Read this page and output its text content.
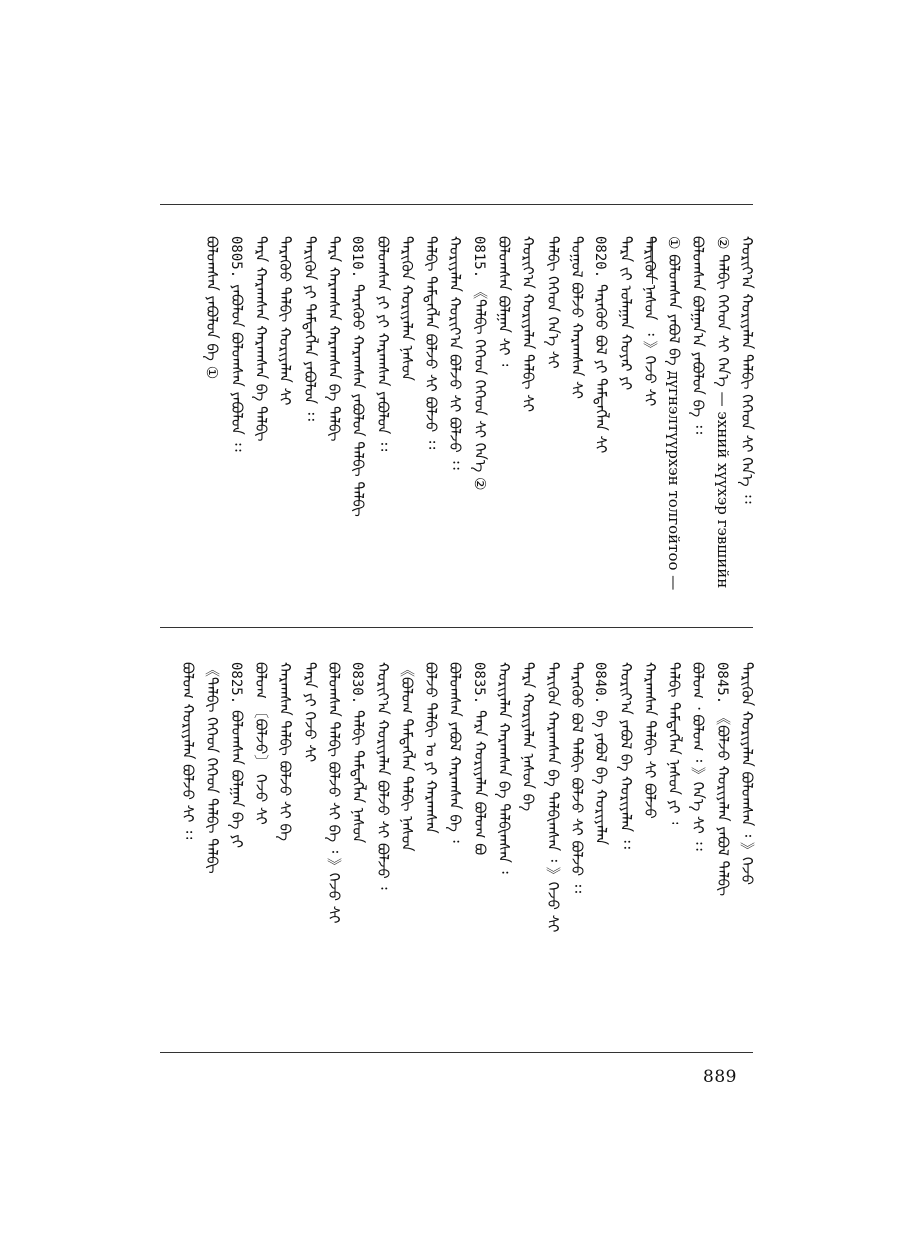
ᠬᠤᠷᠢᠶ᠎ᠠ ᠬᠤᠷᠢᠶᠠᠯᠠᠨ ᠲᠠᠯᠪᠢ ᠭᠡᠭᠡᠳ ᠰᠢ ᠭᠡᠨ᠎ᠡ ᠄᠄
② ᠲᠠᠯᠪᠢ ᠭᠡᠭᠡᠳ ᠰᠢ ᠭᠡᠨ᠎ᠡ — эхний хүүхэр гэвшийн
ᠪᠣᠯᠣᠭᠰᠠᠨ ᠪᠣᠯᠭᠠᠨ᠎ᠠ ᠶᠠᠪᠤᠯᠤᠨ ᠪᠠ ᠄᠄
① ᠪᠤᠯᠤᠭᠰᠠᠨ ᠶᠠᠪᠤᠯ ᠪᠠ дүгнэлтүүрхэн толгойтоо —
ᠲᠡᠷᠢᠭᠦᠨ ᠨᠠᠰᠤᠨ ᠎᠎ ᠄ 》ᠭᠡᠵᠦ ᠰᠢ
ᠲᠡᠷᠡ ᠵᠢ ᠤᠯᠠᠭᠠᠨ ᠬᠣᠶᠠᠷ ᠶᠢ
0820.ᠲᠡᠷᠡᠭᠦᠦ ᠪᠣᠯ ᠶᠢ ᠲᠡᠮᠳᠡᠭᠯᠡᠨ ᠰᠢ
ᠲᠣᠭᠣᠯ ᠪᠣᠯᠵᠤ ᠬᠠᠷᠠᠭᠰᠠᠨ ᠰᠢ
ᠲᠠᠯᠪᠢ ᠭᠡᠭᠡᠳ ᠭᠡᠨ᠎ᠡ ᠰᠢ
ᠬᠤᠷᠢᠶ᠎ᠠ ᠬᠤᠷᠢᠶᠠᠯᠠᠨ ᠲᠠᠯᠪᠢ ᠰᠢ
ᠪᠣᠯᠣᠭᠰᠠᠨ ᠪᠣᠯᠭᠠᠨ ᠰᠢ ᠄
0815.《ᠲᠠᠯᠪᠢ ᠭᠡᠭᠡᠳ ᠭᠡᠭᠡᠳ ᠰᠢ ᠭᠡᠨ᠎ᠡ ②
ᠬᠤᠷᠢᠶᠠᠯᠠᠨ ᠬᠤᠷᠢᠶ᠎ᠠ ᠪᠣᠯᠵᠤ ᠰᠢ ᠪᠣᠯᠵᠤ ᠄᠄
ᠲᠠᠯᠪᠢ ᠲᠡᠮᠳᠡᠭᠯᠡᠨ ᠪᠣᠯᠵᠤ ᠰᠢ ᠪᠣᠯᠵᠤ ᠄᠄
ᠲᠡᠷᠢᠭᠦᠨ ᠬᠤᠷᠢᠶᠠᠯᠠᠨ ᠨᠠᠰᠤᠨ
ᠪᠣᠯᠣᠭᠰᠠᠨ ᠶᠢ ᠶᠢ ᠬᠠᠷᠠᠭᠰᠠᠨ ᠶᠠᠪᠤᠯᠤᠨ ᠄᠄
0810.ᠲᠡᠷᠡᠭᠦᠦ ᠬᠠᠷᠠᠭᠰᠠᠨ ᠶᠠᠪᠤᠯᠤᠨ ᠲᠠᠯᠪᠢ ᠲᠠᠯᠪᠢ
ᠲᠡᠷᠡ ᠬᠠᠷᠠᠭᠰᠠᠨ ᠬᠠᠷᠠᠭᠰᠠᠨ ᠪᠠ ᠲᠠᠯᠪᠢ
ᠲᠡᠷᠢᠭᠦᠨ ᠶᠢ ᠲᠡᠮᠳᠡᠭᠯᠡᠨ ᠶᠠᠪᠤᠯᠤᠨ ᠄᠄
ᠲᠡᠷᠡᠭᠦᠦ ᠲᠠᠯᠪᠢ ᠬᠤᠷᠢᠶᠠᠯᠠᠨ ᠰᠢ
ᠲᠡᠷᠡ ᠬᠠᠷᠠᠭᠰᠠᠨ ᠬᠠᠷᠠᠭᠰᠠᠨ ᠪᠠ ᠲᠠᠯᠪᠢ
0805.ᠶᠠᠪᠤᠯᠤᠨ ᠪᠣᠯᠣᠭᠰᠠᠨ ᠶᠠᠪᠤᠯᠤᠨ ᠄᠄
ᠪᠣᠯᠣᠭᠰᠠᠨ ᠶᠠᠪᠤᠯᠤᠨ ᠪᠠ ①
ᠲᠡᠷᠢᠭᠦᠨ ᠬᠤᠷᠢᠶᠠᠯᠠᠨ ᠪᠣᠯᠣᠭᠰᠠᠨ ᠄ 》ᠭᠡᠵᠦ
0845.《ᠪᠣᠯᠵᠤ ᠬᠤᠷᠢᠶᠠᠯᠠᠨ ᠶᠠᠪᠤᠯ ᠲᠠᠯᠪᠢ
ᠪᠣᠯᠣᠭ ᠂ ᠪᠣᠯᠣᠭ ᠄ 》ᠭᠡᠨ᠎ᠡ ᠰᠢ ᠄᠄
ᠲᠠᠯᠪᠢ ᠲᠡᠮᠳᠡᠭᠯᠡᠨ ᠨᠠᠰᠤᠨ ᠶᠢ ᠄
ᠬᠠᠷᠠᠭᠰᠠᠨ ᠲᠠᠯᠪᠢ ᠰᠢ ᠪᠣᠯᠵᠤ
ᠬᠤᠷᠢᠶ᠎ᠠ ᠶᠠᠪᠤᠯ ᠪᠠ ᠬᠤᠷᠢᠶᠠᠯᠠᠨ ᠄᠄
0840.ᠪᠠ ᠶᠠᠪᠤᠯ ᠪᠠ ᠬᠤᠷᠢᠶᠠᠯᠠᠨ
ᠲᠡᠷᠡᠭᠦᠦ ᠪᠣᠯ ᠲᠠᠯᠪᠢ ᠪᠣᠯᠵᠤ ᠰᠢ ᠪᠣᠯᠵᠤ ᠄᠄
ᠲᠡᠷᠢᠭᠦᠨ ᠬᠠᠷᠠᠭᠰᠠᠨ ᠪᠠ ᠲᠠᠯᠪᠢᠭᠰᠠᠨ ᠄ 》ᠭᠡᠵᠦ ᠰᠢ
ᠲᠡᠷᠡ ᠬᠤᠷᠢᠶᠠᠯᠠᠨ ᠨᠠᠰᠤᠨ ᠪᠠ
ᠬᠤᠷᠢᠶᠠᠯᠠᠨ ᠬᠠᠷᠠᠭᠰᠠᠨ ᠪᠠ ᠲᠠᠯᠪᠢᠭᠰᠠᠨ ᠄
0835.ᠲᠡᠷᠡ ᠬᠤᠷᠢᠶᠠᠯᠠᠨ ᠪᠣᠯᠣᠭ ᠪᠣ
ᠪᠣᠯᠣᠭᠰᠠᠨ ᠶᠠᠪᠤᠯ ᠬᠠᠷᠠᠭᠰᠠᠨ ᠪᠠ ᠄
ᠪᠣᠯᠵᠤ ᠲᠠᠯᠪᠢ ᠣ ᠶᠢ ᠬᠠᠷᠠᠭᠰᠠᠨ
《ᠪᠣᠯᠣᠭ ᠲᠡᠮᠳᠡᠭᠯᠡᠨ ᠲᠠᠯᠪᠢ ᠨᠠᠰᠤᠨ
ᠬᠤᠷᠢᠶ᠎ᠠ ᠬᠤᠷᠢᠶᠠᠯᠠᠨ ᠪᠣᠯᠵᠤ ᠰᠢ ᠪᠣᠯᠵᠤ ᠄
0830.ᠲᠠᠯᠪᠢ ᠲᠡᠮᠳᠡᠭᠯᠡᠨ ᠨᠠᠰᠤᠨ
ᠪᠣᠯᠣᠭᠰᠠᠨ ᠲᠠᠯᠪᠢ ᠪᠣᠯᠵᠤ ᠰᠢ ᠪᠠ ᠄ 》ᠭᠡᠵᠦ ᠰᠢ
ᠲᠡᠷᠡ ᠶᠢ ᠭᠡᠵᠦ ᠰᠢ
ᠬᠠᠷᠠᠭᠰᠠᠨ ᠲᠠᠯᠪᠢ ᠪᠣᠯᠵᠤ ᠰᠢ ᠪᠠ
ᠪᠣᠯᠣᠭ 〔ᠪᠣᠯᠵᠤ〕 ᠭᠡᠵᠦ ᠰᠢ
0825.ᠪᠣᠯᠣᠭᠰᠠᠨ ᠪᠣᠯᠭᠠᠨ ᠪᠠ ᠶᠢ
《ᠲᠠᠯᠪᠢ ᠭᠡᠭᠡᠳ ᠭᠡᠭᠡᠳ ᠲᠠᠯᠪᠢ ᠲᠠᠯᠪᠢ
ᠪᠣᠯᠣᠭ ᠬᠤᠷᠢᠶᠠᠯᠠᠨ ᠪᠣᠯᠵᠤ ᠰᠢ ᠄᠄
889
